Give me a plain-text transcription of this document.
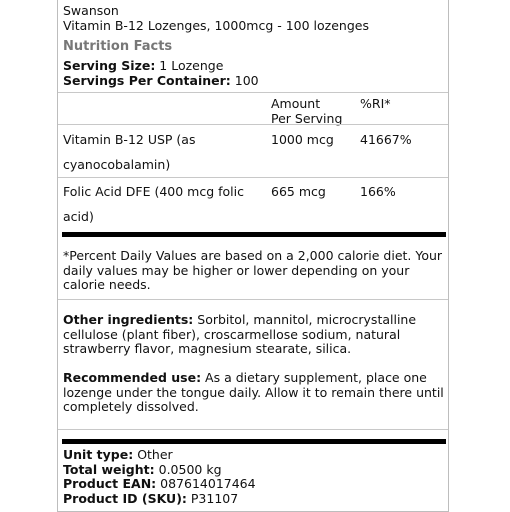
Swanson
Vitamin B-12 Lozenges, 1000mcg - 100 lozenges
Nutrition Facts
Serving Size: 1 Lozenge
Servings Per Container: 100
Amount
Per Serving
%RI*
Vitamin B-12 USP (as
cyanocobalamin)
1000 mcg	41667%
Folic Acid DFE (400 mcg folic
acid)
665 mcg	166%
*Percent Daily Values are based on a 2,000 calorie diet. Your daily values may be higher or lower depending on your calorie needs.
Other ingredients: Sorbitol, mannitol, microcrystalline cellulose (plant fiber), croscarmellose sodium, natural strawberry flavor, magnesium stearate, silica.
Recommended use: As a dietary supplement, place one lozenge under the tongue daily. Allow it to remain there until completely dissolved.
Unit type: Other
Total weight: 0.0500 kg
Product EAN: 087614017464
Product ID (SKU): P31107
